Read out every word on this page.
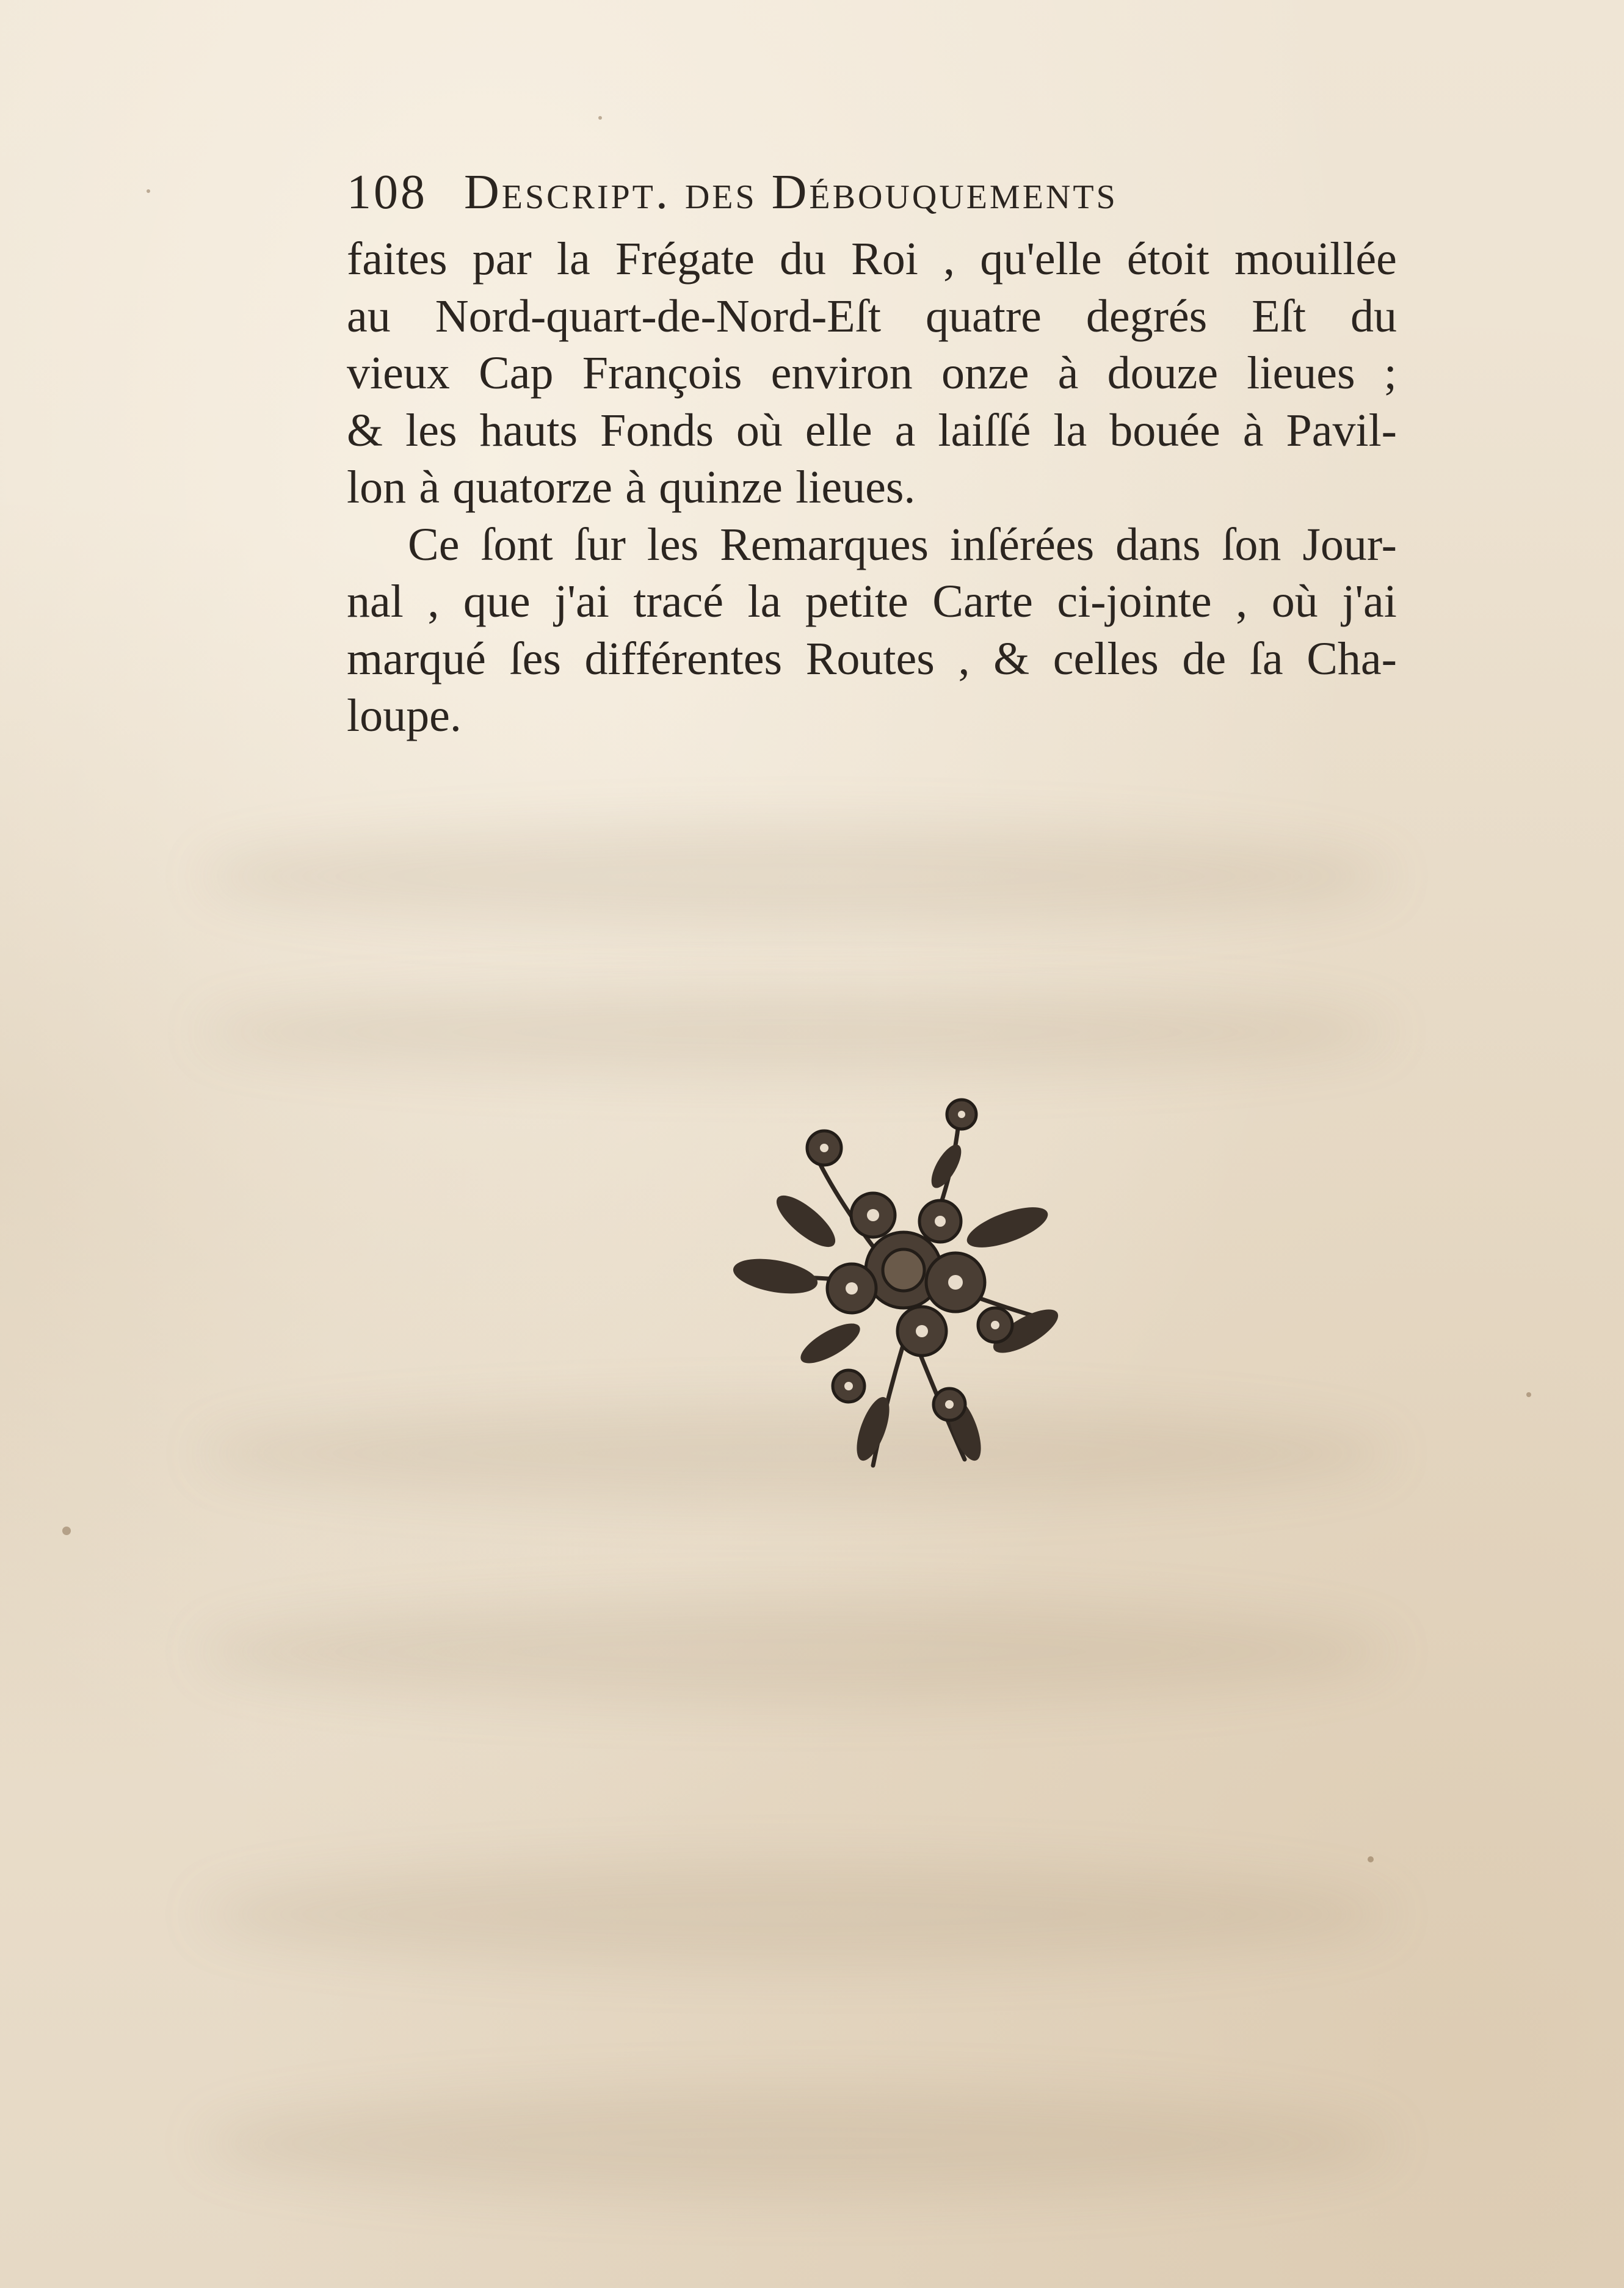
108 Descript. des Débouquements
faites par la Frégate du Roi , qu'elle étoit mouillée
au Nord-quart-de-Nord-Eſt quatre degrés Eſt du
vieux Cap François environ onze à douze lieues ;
& les hauts Fonds où elle a laiſſé la bouée à Pavil-
lon à quatorze à quinze lieues.
Ce ſont ſur les Remarques inſérées dans ſon Jour-
nal , que j'ai tracé la petite Carte ci-jointe , où j'ai
marqué ſes différentes Routes , & celles de ſa Cha-
loupe.
